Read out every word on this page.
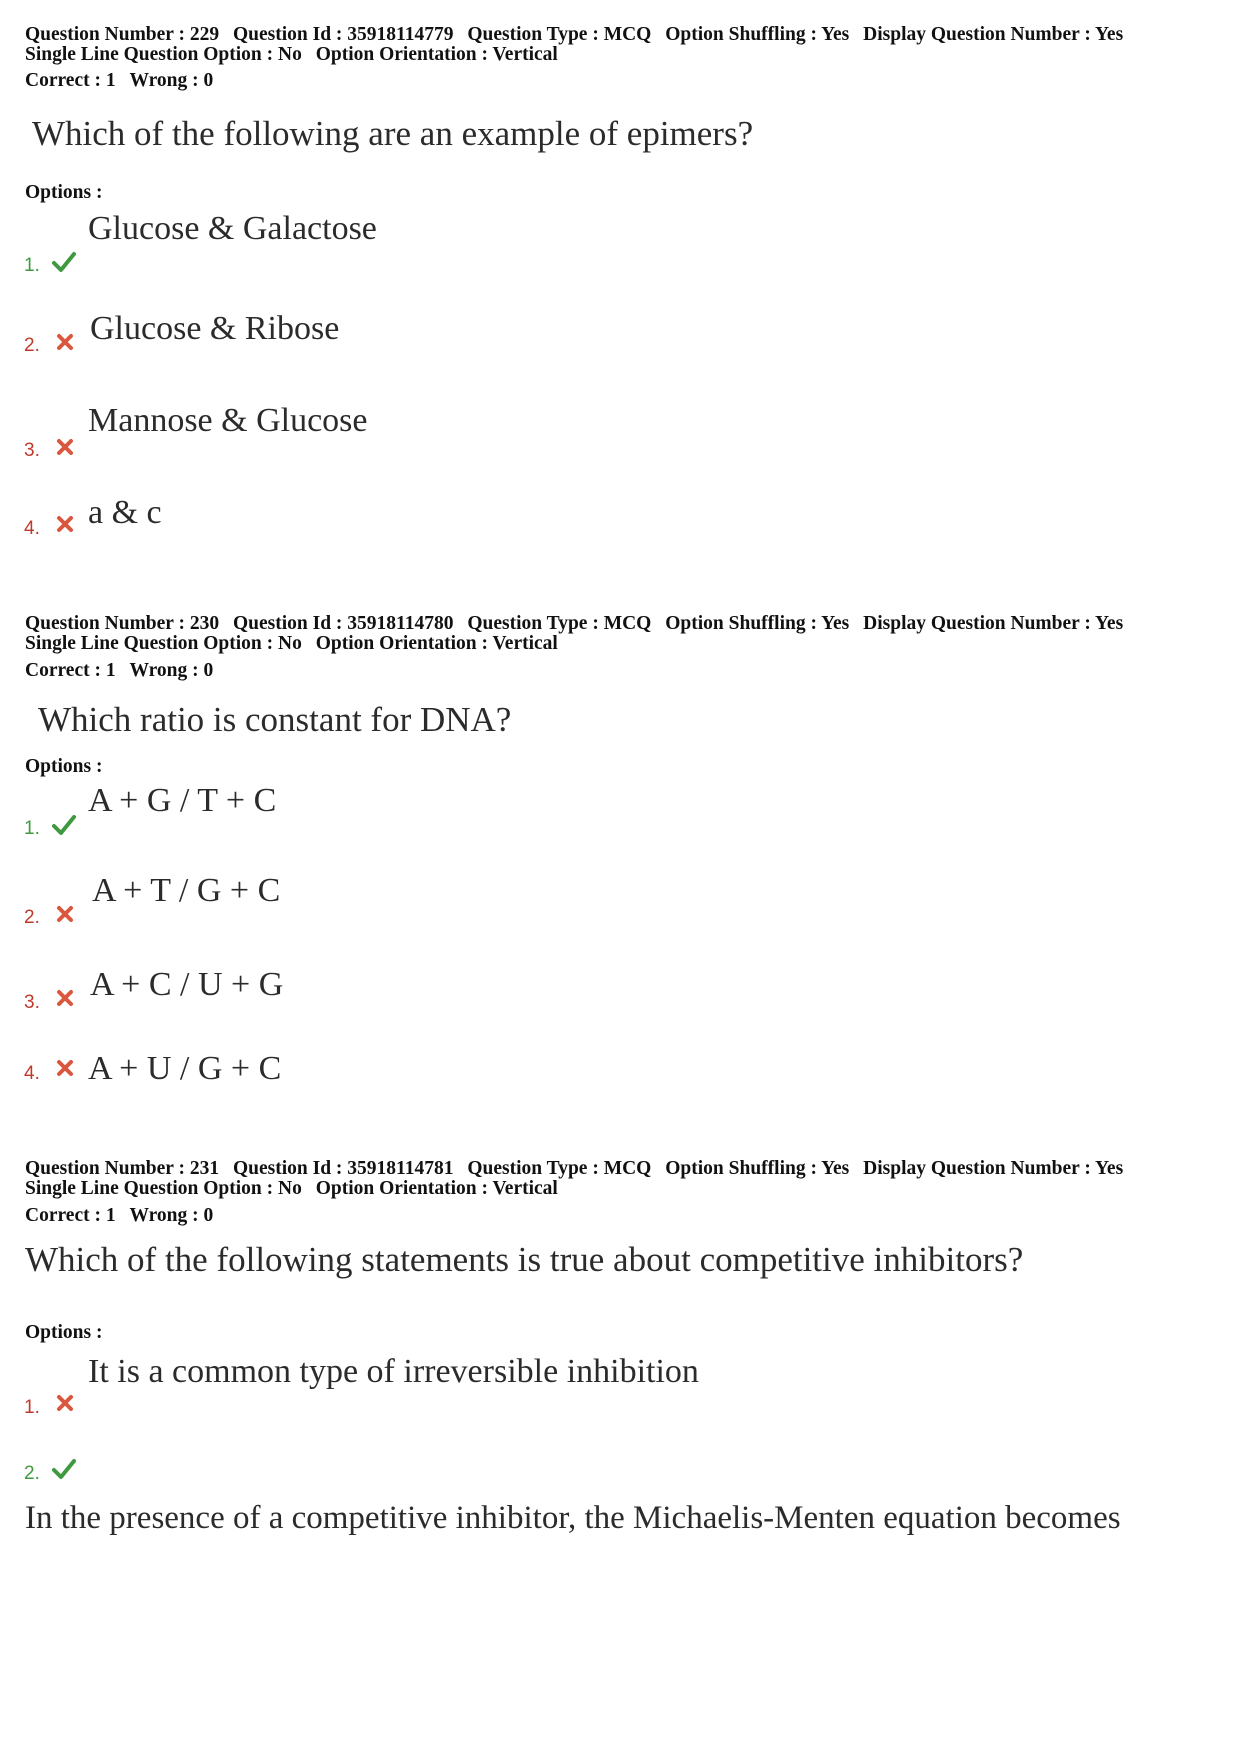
Question Number : 229 Question Id : 35918114779 Question Type : MCQ Option Shuffling : Yes Display Question Number : Yes
Single Line Question Option : No Option Orientation : Vertical
Correct : 1 Wrong : 0
Which of the following are an example of epimers?
Options :
Glucose & Galactose
1.
Glucose & Ribose
2.
Mannose & Glucose
3.
a & c
4.
Question Number : 230 Question Id : 35918114780 Question Type : MCQ Option Shuffling : Yes Display Question Number : Yes
Single Line Question Option : No Option Orientation : Vertical
Correct : 1 Wrong : 0
Which ratio is constant for DNA?
Options :
A + G / T + C
1.
A + T / G + C
2.
A + C / U + G
3.
A + U / G + C
4.
Question Number : 231 Question Id : 35918114781 Question Type : MCQ Option Shuffling : Yes Display Question Number : Yes
Single Line Question Option : No Option Orientation : Vertical
Correct : 1 Wrong : 0
Which of the following statements is true about competitive inhibitors?
Options :
It is a common type of irreversible inhibition
1.
2.
In the presence of a competitive inhibitor, the Michaelis-Menten equation becomes
